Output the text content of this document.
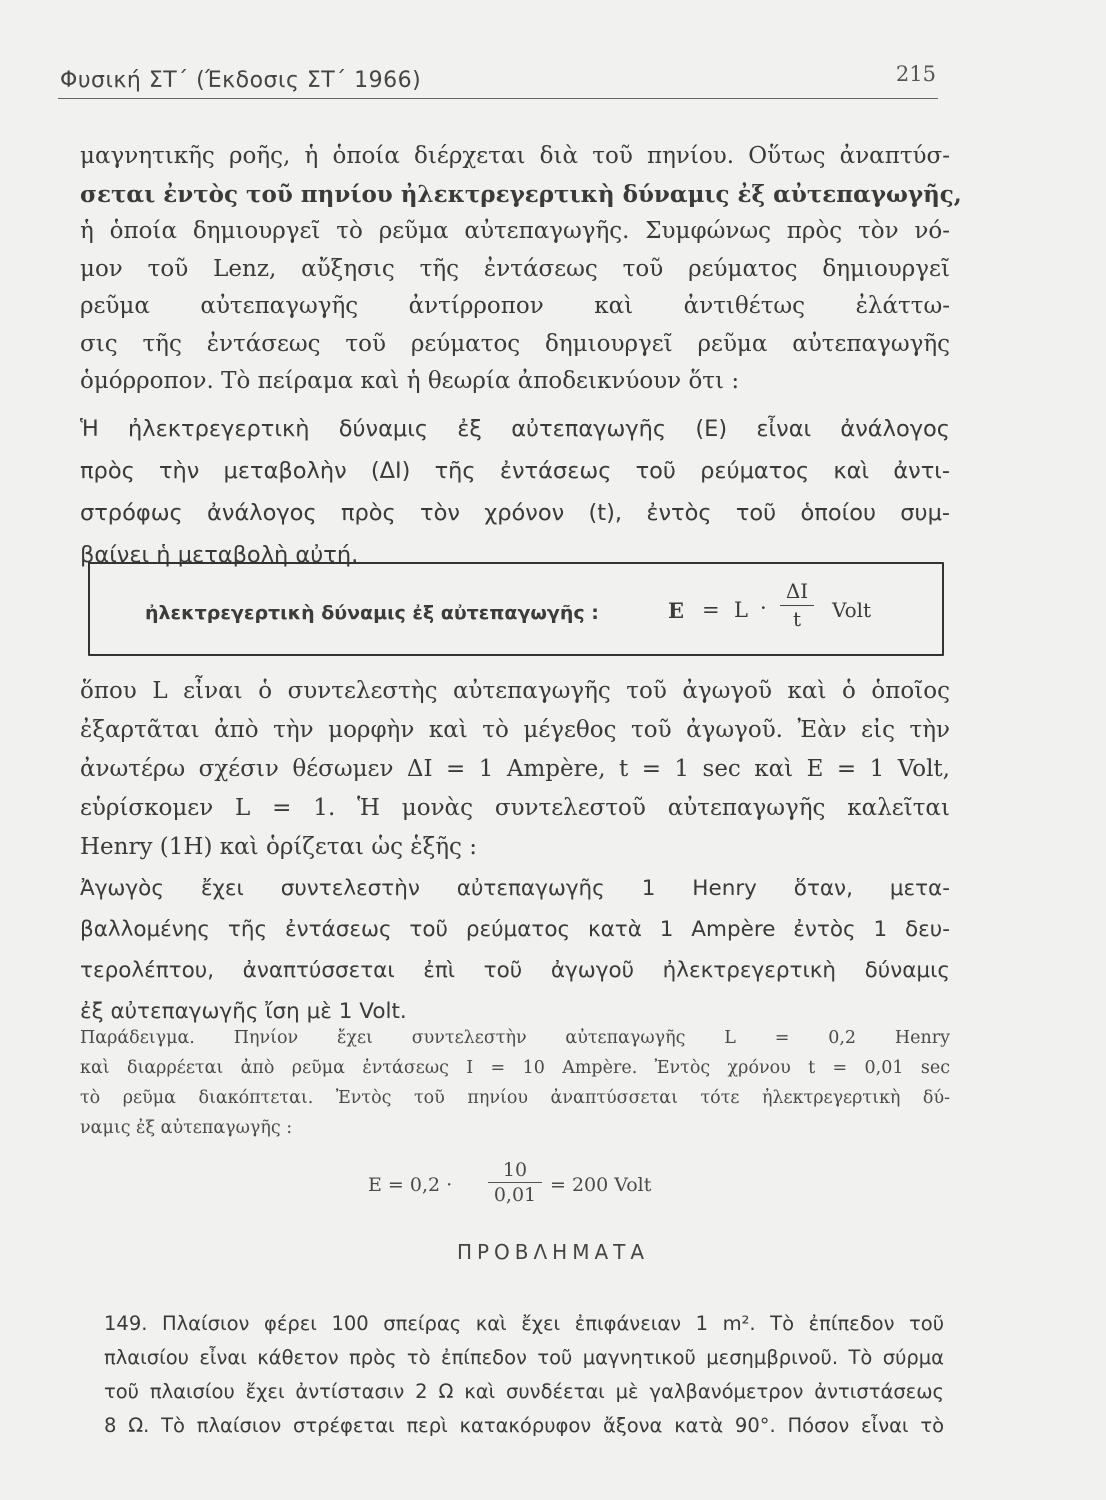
Φυσική ΣΤ΄ (Έκδοσις ΣΤ΄ 1966)	215

μαγνητικῆς ροῆς, ἡ ὁποία διέρχεται διὰ τοῦ πηνίου. Οὕτως ἀναπτύσ-
σεται ἐντὸς τοῦ πηνίου ἠλεκτρεγερτικὴ δύναμις ἐξ αὐτεπαγωγῆς,
ἡ ὁποία δημιουργεῖ τὸ ρεῦμα αὐτεπαγωγῆς. Συμφώνως πρὸς τὸν νό-
μον τοῦ Lenz, αὔξησις τῆς ἐντάσεως τοῦ ρεύματος δημιουργεῖ
ρεῦμα αὐτεπαγωγῆς ἀντίρροπον καὶ ἀντιθέτως ἐλάττω-
σις τῆς ἐντάσεως τοῦ ρεύματος δημιουργεῖ ρεῦμα αὐτεπαγωγῆς
ὁμόρροπον. Τὸ πείραμα καὶ ἡ θεωρία ἀποδεικνύουν ὅτι :

Ἡ ἠλεκτρεγερτικὴ δύναμις ἐξ αὐτεπαγωγῆς (E) εἶναι ἀνάλογος
πρὸς τὴν μεταβολὴν (ΔΙ) τῆς ἐντάσεως τοῦ ρεύματος καὶ ἀντι-
στρόφως ἀνάλογος πρὸς τὸν χρόνον (t), ἐντὸς τοῦ ὁποίου συμ-
βαίνει ἡ μεταβολὴ αὐτή.

ἠλεκτρεγερτικὴ δύναμις ἐξ αὐτεπαγωγῆς :	$E = L \cdot \frac{\Delta I}{t}$ Volt

ὅπου L εἶναι ὁ συντελεστὴς αὐτεπαγωγῆς τοῦ ἀγωγοῦ καὶ ὁ ὁποῖος
ἐξαρτᾶται ἀπὸ τὴν μορφὴν καὶ τὸ μέγεθος τοῦ ἀγωγοῦ. Ἐὰν εἰς τὴν
ἀνωτέρω σχέσιν θέσωμεν ΔΙ = 1 Ampère, t = 1 sec καὶ E = 1 Volt,
εὑρίσκομεν L = 1. Ἡ μονὰς συντελεστοῦ αὐτεπαγωγῆς καλεῖται
Henry (1Η) καὶ ὁρίζεται ὡς ἑξῆς :

Ἀγωγὸς ἔχει συντελεστὴν αὐτεπαγωγῆς 1 Henry ὅταν, μετα-
βαλλομένης τῆς ἐντάσεως τοῦ ρεύματος κατὰ 1 Ampère ἐντὸς 1 δευ-
τερολέπτου, ἀναπτύσσεται ἐπὶ τοῦ ἀγωγοῦ ἠλεκτρεγερτικὴ δύναμις
ἐξ αὐτεπαγωγῆς ἴση μὲ 1 Volt.

Παράδειγμα. Πηνίον ἔχει συντελεστὴν αὐτεπαγωγῆς L = 0,2 Henry
καὶ διαρρέεται ἀπὸ ρεῦμα ἐντάσεως I = 10 Ampère. Ἐντὸς χρόνου t = 0,01 sec
τὸ ρεῦμα διακόπτεται. Ἐντὸς τοῦ πηνίου ἀναπτύσσεται τότε ἠλεκτρεγερτικὴ δύ-
ναμις ἐξ αὐτεπαγωγῆς :

$E = 0,2 \cdot \frac{10}{0,01} = 200$ Volt
ΠΡΟΒΛΗΜΑΤΑ

149. Πλαίσιον φέρει 100 σπείρας καὶ ἔχει ἐπιφάνειαν 1 m². Τὸ ἐπίπεδον τοῦ
πλαισίου εἶναι κάθετον πρὸς τὸ ἐπίπεδον τοῦ μαγνητικοῦ μεσημβρινοῦ. Τὸ σύρμα
τοῦ πλαισίου ἔχει ἀντίστασιν 2 Ω καὶ συνδέεται μὲ γαλβανόμετρον ἀντιστάσεως
8 Ω. Τὸ πλαίσιον στρέφεται περὶ κατακόρυφον ἄξονα κατὰ 90°. Πόσον εἶναι τὸ
